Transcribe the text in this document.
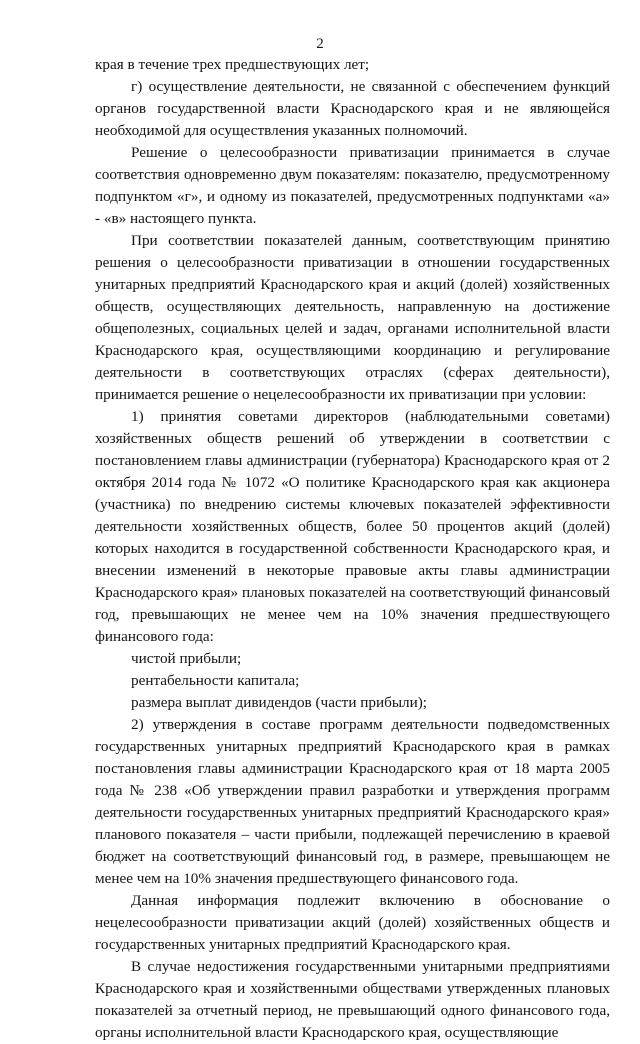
2

края в течение трех предшествующих лет;

г) осуществление деятельности, не связанной с обеспечением функций органов государственной власти Краснодарского края и не являющейся необходимой для осуществления указанных полномочий.

Решение о целесообразности приватизации принимается в случае соответствия одновременно двум показателям: показателю, предусмотренному подпунктом «г», и одному из показателей, предусмотренных подпунктами «а» - «в» настоящего пункта.

При соответствии показателей данным, соответствующим принятию решения о целесообразности приватизации в отношении государственных унитарных предприятий Краснодарского края и акций (долей) хозяйственных обществ, осуществляющих деятельность, направленную на достижение общеполезных, социальных целей и задач, органами исполнительной власти Краснодарского края, осуществляющими координацию и регулирование деятельности в соответствующих отраслях (сферах деятельности), принимается решение о нецелесообразности их приватизации при условии:

1) принятия советами директоров (наблюдательными советами) хозяйственных обществ решений об утверждении в соответствии с постановлением главы администрации (губернатора) Краснодарского края от 2 октября 2014 года № 1072 «О политике Краснодарского края как акционера (участника) по внедрению системы ключевых показателей эффективности деятельности хозяйственных обществ, более 50 процентов акций (долей) которых находится в государственной собственности Краснодарского края, и внесении изменений в некоторые правовые акты главы администрации Краснодарского края» плановых показателей на соответствующий финансовый год, превышающих не менее чем на 10% значения предшествующего финансового года:

чистой прибыли;

рентабельности капитала;

размера выплат дивидендов (части прибыли);

2) утверждения в составе программ деятельности подведомственных государственных унитарных предприятий Краснодарского края в рамках постановления главы администрации Краснодарского края от 18 марта 2005 года № 238 «Об утверждении правил разработки и утверждения программ деятельности государственных унитарных предприятий Краснодарского края» планового показателя – части прибыли, подлежащей перечислению в краевой бюджет на соответствующий финансовый год, в размере, превышающем не менее чем на 10% значения предшествующего финансового года.

Данная информация подлежит включению в обоснование о нецелесообразности приватизации акций (долей) хозяйственных обществ и государственных унитарных предприятий Краснодарского края.

В случае недостижения государственными унитарными предприятиями Краснодарского края и хозяйственными обществами утвержденных плановых показателей за отчетный период, не превышающий одного финансового года, органы исполнительной власти Краснодарского края, осуществляющие
